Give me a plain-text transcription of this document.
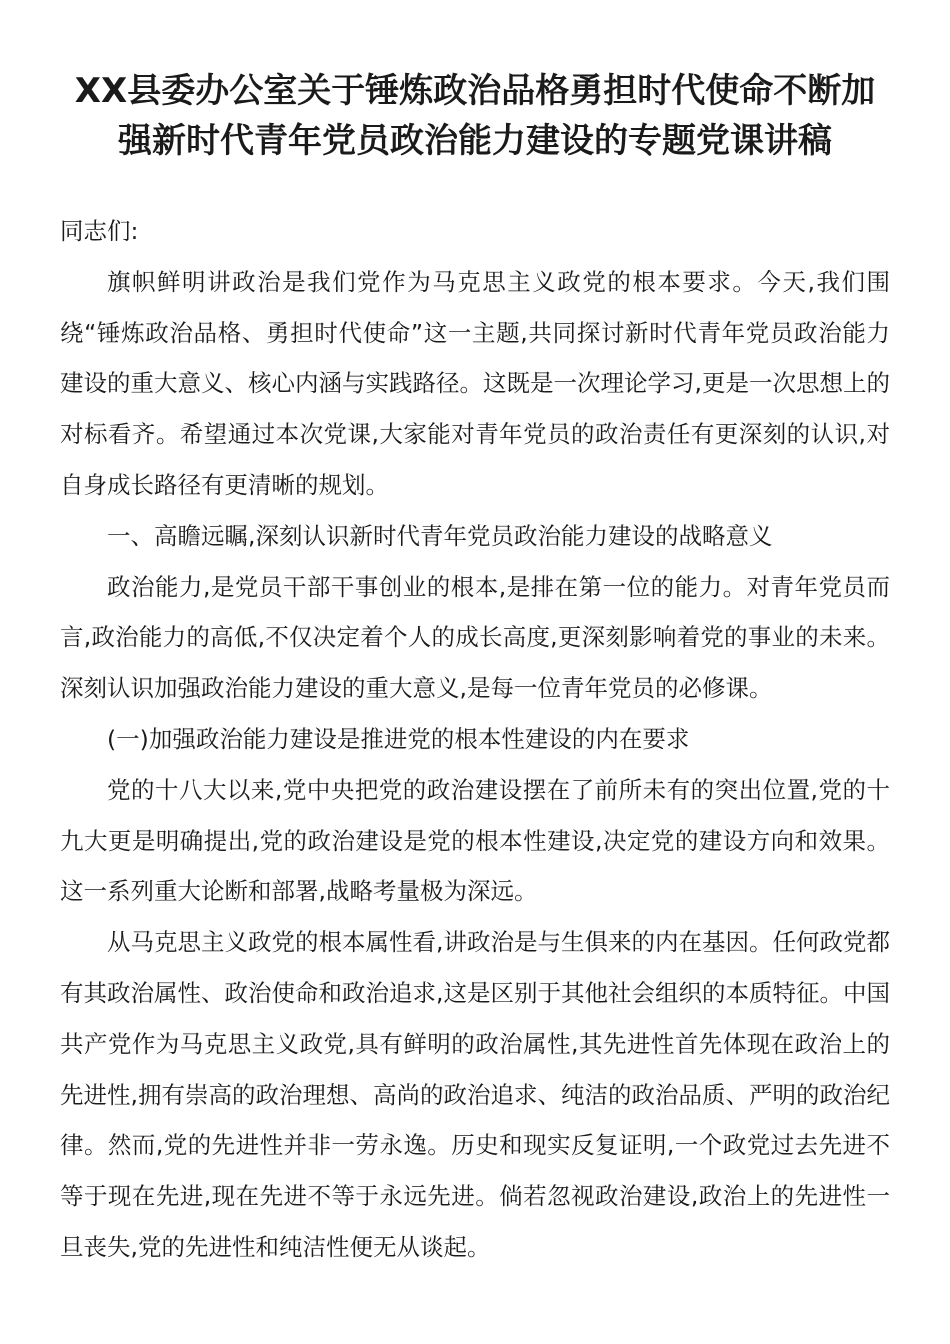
XX县委办公室关于锤炼政治品格勇担时代使命不断加
强新时代青年党员政治能力建设的专题党课讲稿

同志们:

旗帜鲜明讲政治是我们党作为马克思主义政党的根本要求。今天,我们围绕“锤炼政治品格、勇担时代使命”这一主题,共同探讨新时代青年党员政治能力建设的重大意义、核心内涵与实践路径。这既是一次理论学习,更是一次思想上的对标看齐。希望通过本次党课,大家能对青年党员的政治责任有更深刻的认识,对自身成长路径有更清晰的规划。

一、高瞻远瞩,深刻认识新时代青年党员政治能力建设的战略意义

政治能力,是党员干部干事创业的根本,是排在第一位的能力。对青年党员而言,政治能力的高低,不仅决定着个人的成长高度,更深刻影响着党的事业的未来。深刻认识加强政治能力建设的重大意义,是每一位青年党员的必修课。

(一)加强政治能力建设是推进党的根本性建设的内在要求

党的十八大以来,党中央把党的政治建设摆在了前所未有的突出位置,党的十九大更是明确提出,党的政治建设是党的根本性建设,决定党的建设方向和效果。这一系列重大论断和部署,战略考量极为深远。

从马克思主义政党的根本属性看,讲政治是与生俱来的内在基因。任何政党都有其政治属性、政治使命和政治追求,这是区别于其他社会组织的本质特征。中国共产党作为马克思主义政党,具有鲜明的政治属性,其先进性首先体现在政治上的先进性,拥有崇高的政治理想、高尚的政治追求、纯洁的政治品质、严明的政治纪律。然而,党的先进性并非一劳永逸。历史和现实反复证明,一个政党过去先进不等于现在先进,现在先进不等于永远先进。倘若忽视政治建设,政治上的先进性一旦丧失,党的先进性和纯洁性便无从谈起。
